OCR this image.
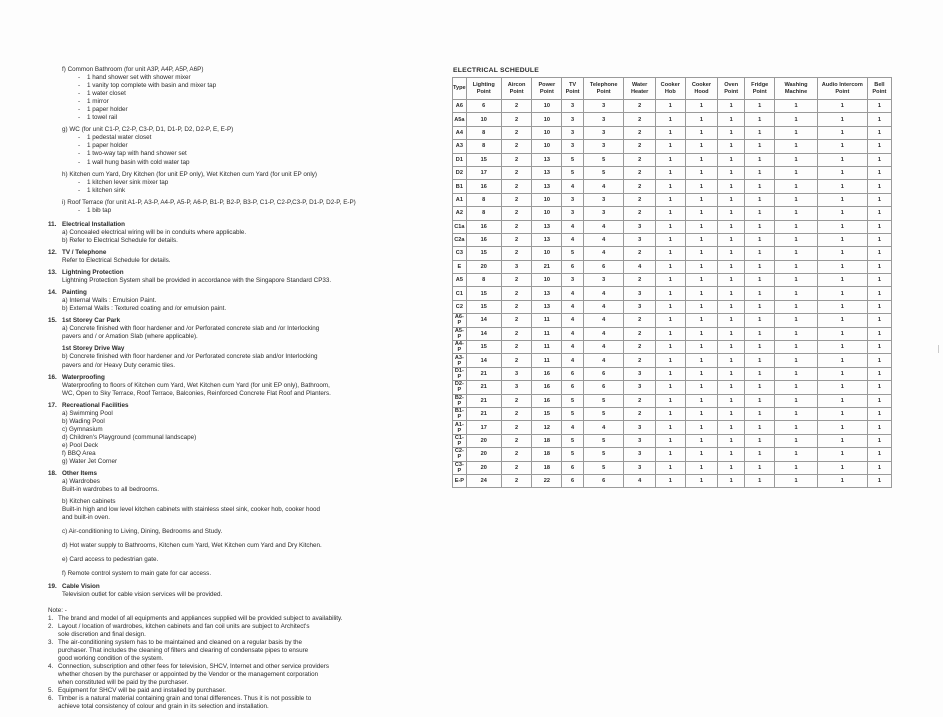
f) Common Bathroom (for unit A3P, A4P, A5P, A6P)
- 1 hand shower set with shower mixer
- 1 vanity top complete with basin and mixer tap
- 1 water closet
- 1 mirror
- 1 paper holder
- 1 towel rail
g) WC (for unit C1-P, C2-P, C3-P, D1, D1-P, D2, D2-P, E, E-P)
- 1 pedestal water closet
- 1 paper holder
- 1 two-way tap with hand shower set
- 1 wall hung basin with cold water tap
h) Kitchen cum Yard, Dry Kitchen (for unit EP only), Wet Kitchen cum Yard (for unit EP only)
- 1 kitchen lever sink mixer tap
- 1 kitchen sink
i) Roof Terrace (for unit A1-P, A3-P, A4-P, A5-P, A6-P, B1-P, B2-P, B3-P, C1-P, C2-P,C3-P, D1-P, D2-P, E-P)
- 1 bib tap
11. Electrical Installation
a) Concealed electrical wiring will be in conduits where applicable.
b) Refer to Electrical Schedule for details.
12. TV / Telephone
Refer to Electrical Schedule for details.
13. Lightning Protection
Lightning Protection System shall be provided in accordance with the Singapore Standard CP33.
14. Painting
a) Internal Walls : Emulsion Paint.
b) External Walls : Textured coating and /or emulsion paint.
15. 1st Storey Car Park
a) Concrete finished with floor hardener and /or Perforated concrete slab and /or Interlocking
pavers and / or Amation Slab (where applicable).
1st Storey Drive Way
b) Concrete finished with floor hardener and /or Perforated concrete slab and/or Interlocking
pavers and /or Heavy Duty ceramic tiles.
16. Waterproofing
Waterproofing to floors of Kitchen cum Yard, Wet Kitchen cum Yard (for unit EP only), Bathroom,
WC, Open to Sky Terrace, Roof Terrace, Balconies, Reinforced Concrete Flat Roof and Planters.
17. Recreational Facilities
a) Swimming Pool
b) Wading Pool
c) Gymnasium
d) Children's Playground (communal landscape)
e) Pool Deck
f) BBQ Area
g) Water Jet Corner
18. Other Items
a) Wardrobes
Built-in wardrobes to all bedrooms.
b) Kitchen cabinets
Built-in high and low level kitchen cabinets with stainless steel sink, cooker hob, cooker hood
and built-in oven.
c) Air-conditioning to Living, Dining, Bedrooms and Study.
d) Hot water supply to Bathrooms, Kitchen cum Yard, Wet Kitchen cum Yard and Dry Kitchen.
e) Card access to pedestrian gate.
f) Remote control system to main gate for car access.
19. Cable Vision
Television outlet for cable vision services will be provided.
Note: -
1. The brand and model of all equipments and appliances supplied will be provided subject to availability.
2. Layout / location of wardrobes, kitchen cabinets and fan coil units are subject to Architect's
sole discretion and final design.
3. The air-conditioning system has to be maintained and cleaned on a regular basis by the
purchaser. That includes the cleaning of filters and clearing of condensate pipes to ensure
good working condition of the system.
4. Connection, subscription and other fees for television, SHCV, Internet and other service providers
whether chosen by the purchaser or appointed by the Vendor or the management corporation
when constituted will be paid by the purchaser.
5. Equipment for SHCV will be paid and installed by purchaser.
6. Timber is a natural material containing grain and tonal differences. Thus it is not possible to
achieve total consistency of colour and grain in its selection and installation.
ELECTRICAL SCHEDULE
Type	Lighting Point	Aircon Point	Power Point	TV Point	Telephone Point	Water Heater	Cooker Hob	Cooker Hood	Oven Point	Fridge Point	Washing Machine	Audio Intercom Point	Bell Point
A6	6	2	10	3	3	2	1	1	1	1	1	1	1
A5a	10	2	10	3	3	2	1	1	1	1	1	1	1
A4	8	2	10	3	3	2	1	1	1	1	1	1	1
A3	8	2	10	3	3	2	1	1	1	1	1	1	1
D1	15	2	13	5	5	2	1	1	1	1	1	1	1
D2	17	2	13	5	5	2	1	1	1	1	1	1	1
B1	16	2	13	4	4	2	1	1	1	1	1	1	1
A1	8	2	10	3	3	2	1	1	1	1	1	1	1
A2	8	2	10	3	3	2	1	1	1	1	1	1	1
C1a	16	2	13	4	4	3	1	1	1	1	1	1	1
C2a	16	2	13	4	4	3	1	1	1	1	1	1	1
C3	15	2	10	5	4	2	1	1	1	1	1	1	1
E	20	3	21	6	6	4	1	1	1	1	1	1	1
A5	8	2	10	3	3	2	1	1	1	1	1	1	1
C1	15	2	13	4	4	3	1	1	1	1	1	1	1
C2	15	2	13	4	4	3	1	1	1	1	1	1	1
A6-P	14	2	11	4	4	2	1	1	1	1	1	1	1
A5-P	14	2	11	4	4	2	1	1	1	1	1	1	1
A4-P	15	2	11	4	4	2	1	1	1	1	1	1	1
A3-P	14	2	11	4	4	2	1	1	1	1	1	1	1
D1-P	21	3	16	6	6	3	1	1	1	1	1	1	1
D2-P	21	3	16	6	6	3	1	1	1	1	1	1	1
B2-P	21	2	16	5	5	2	1	1	1	1	1	1	1
B1-P	21	2	15	5	5	2	1	1	1	1	1	1	1
A1-P	17	2	12	4	4	3	1	1	1	1	1	1	1
C1-P	20	2	18	5	5	3	1	1	1	1	1	1	1
C2-P	20	2	18	5	5	3	1	1	1	1	1	1	1
C3-P	20	2	18	6	5	3	1	1	1	1	1	1	1
E-P	24	2	22	6	6	4	1	1	1	1	1	1	1
